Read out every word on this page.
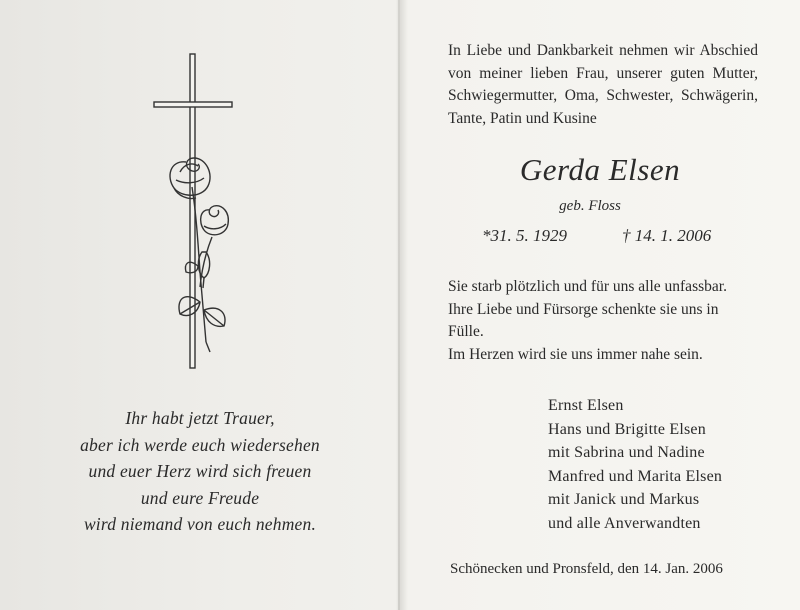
Ihr habt jetzt Trauer,
aber ich werde euch wiedersehen
und euer Herz wird sich freuen
und eure Freude
wird niemand von euch nehmen.
In Liebe und Dankbarkeit nehmen wir Abschied von meiner lieben Frau, unserer guten Mutter, Schwiegermutter, Oma, Schwester, Schwägerin, Tante, Patin und Kusine
Gerda Elsen
geb. Floss
*31. 5. 1929	† 14. 1. 2006
Sie starb plötzlich und für uns alle unfassbar.
Ihre Liebe und Fürsorge schenkte sie uns in
Fülle.
Im Herzen wird sie uns immer nahe sein.
Ernst Elsen
Hans und Brigitte Elsen
mit Sabrina und Nadine
Manfred und Marita Elsen
mit Janick und Markus
und alle Anverwandten
Schönecken und Pronsfeld, den 14. Jan. 2006
